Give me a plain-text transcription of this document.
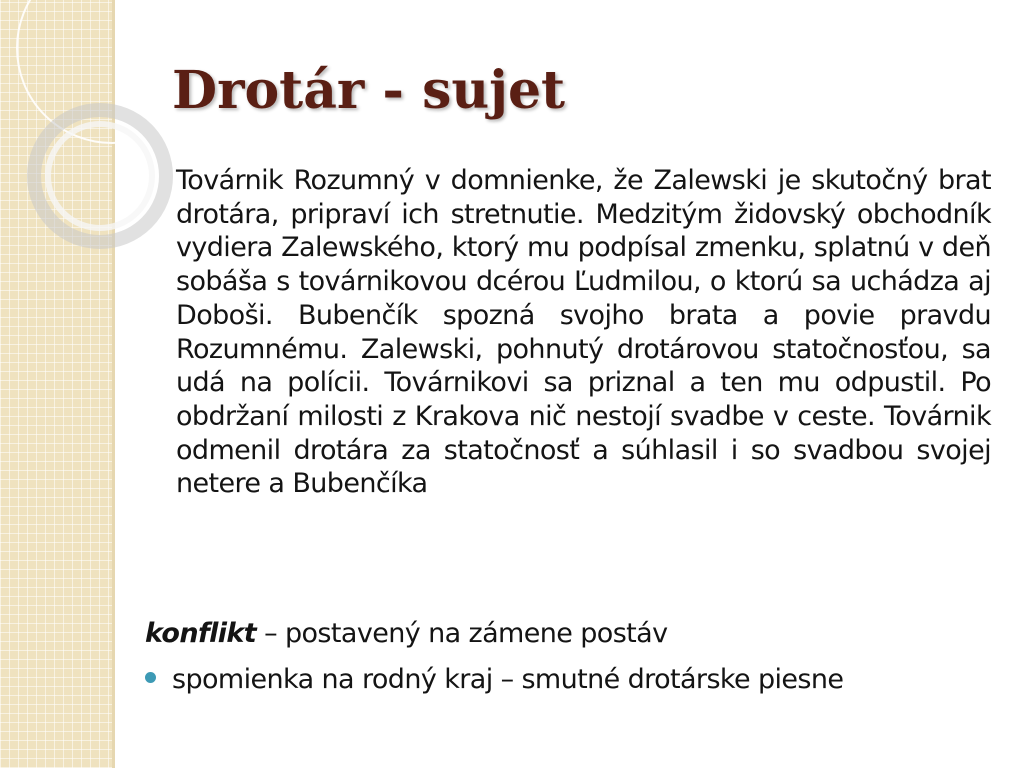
Drotár - sujet

Továrnik Rozumný v domnienke, že Zalewski je skutočný brat drotára, pripraví ich stretnutie. Medzitým židovský obchodník vydiera Zalewského, ktorý mu podpísal zmenku, splatnú v deň sobáša s továrnikovou dcérou Ľudmilou, o ktorú sa uchádza aj Doboši. Bubenčík spozná svojho brata a povie pravdu Rozumnému. Zalewski, pohnutý drotárovou statočnosťou, sa udá na polícii. Továrnikovi sa priznal a ten mu odpustil. Po obdržaní milosti z Krakova nič nestojí svadbe v ceste. Továrnik odmenil drotára za statočnosť a súhlasil i so svadbou svojej netere a Bubenčíka

konflikt – postavený na zámene postáv

spomienka na rodný kraj – smutné drotárske piesne
